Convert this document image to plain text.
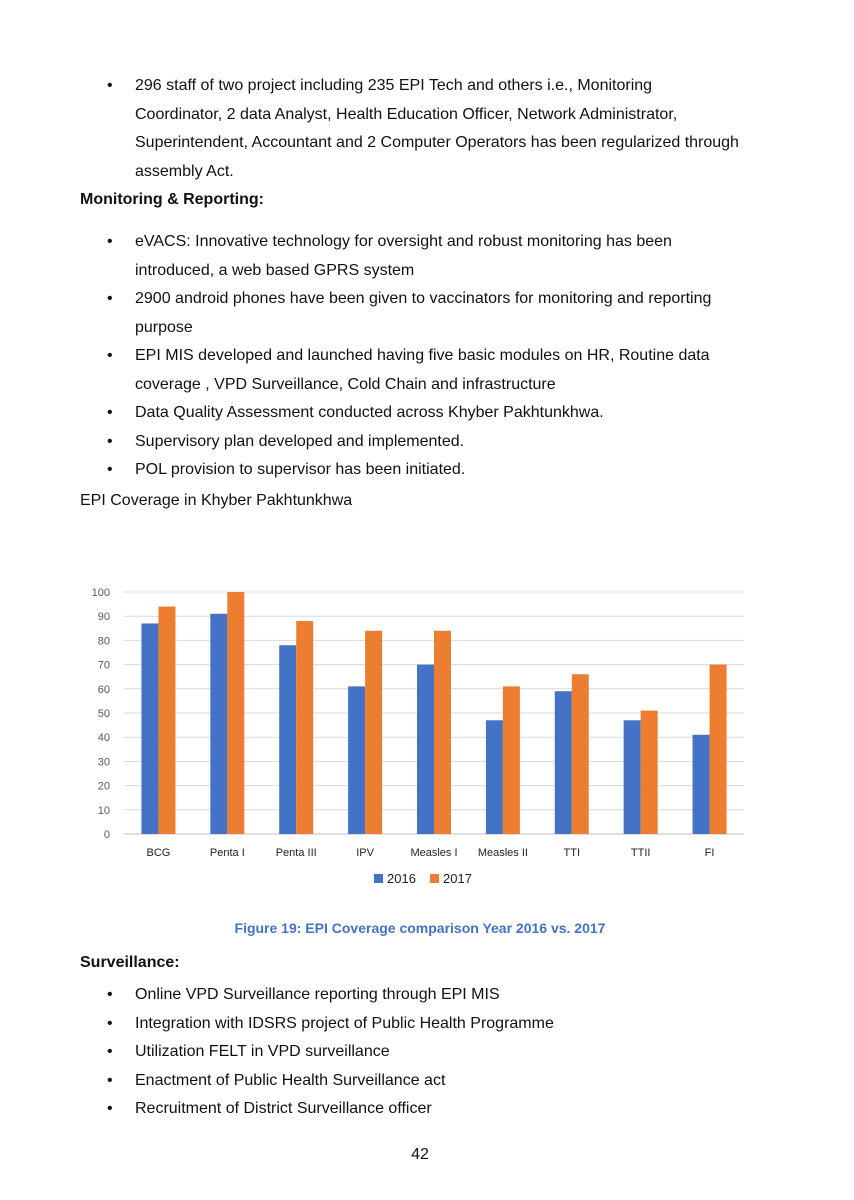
• 296 staff of two project including 235 EPI Tech and others i.e., Monitoring Coordinator, 2 data Analyst, Health Education Officer, Network Administrator, Superintendent, Accountant and 2 Computer Operators has been regularized through assembly Act.
Monitoring & Reporting:
• eVACS: Innovative technology for oversight and robust monitoring has been introduced, a web based GPRS system
• 2900 android phones have been given to vaccinators for monitoring and reporting purpose
• EPI MIS developed and launched having five basic modules on HR, Routine data coverage , VPD Surveillance, Cold Chain and infrastructure
• Data Quality Assessment conducted across Khyber Pakhtunkhwa.
• Supervisory plan developed and implemented.
• POL provision to supervisor has been initiated.
EPI Coverage in Khyber Pakhtunkhwa
0
10
20
30
40
50
60
70
80
90
100
BCG	Penta I	Penta III	IPV	Measles I Measles II	TTI	TTII	FI
2016 2017
Figure 19: EPI Coverage comparison Year 2016 vs. 2017
Surveillance:
• Online VPD Surveillance reporting through EPI MIS
• Integration with IDSRS project of Public Health Programme
• Utilization FELT in VPD surveillance
• Enactment of Public Health Surveillance act
• Recruitment of District Surveillance officer
42
